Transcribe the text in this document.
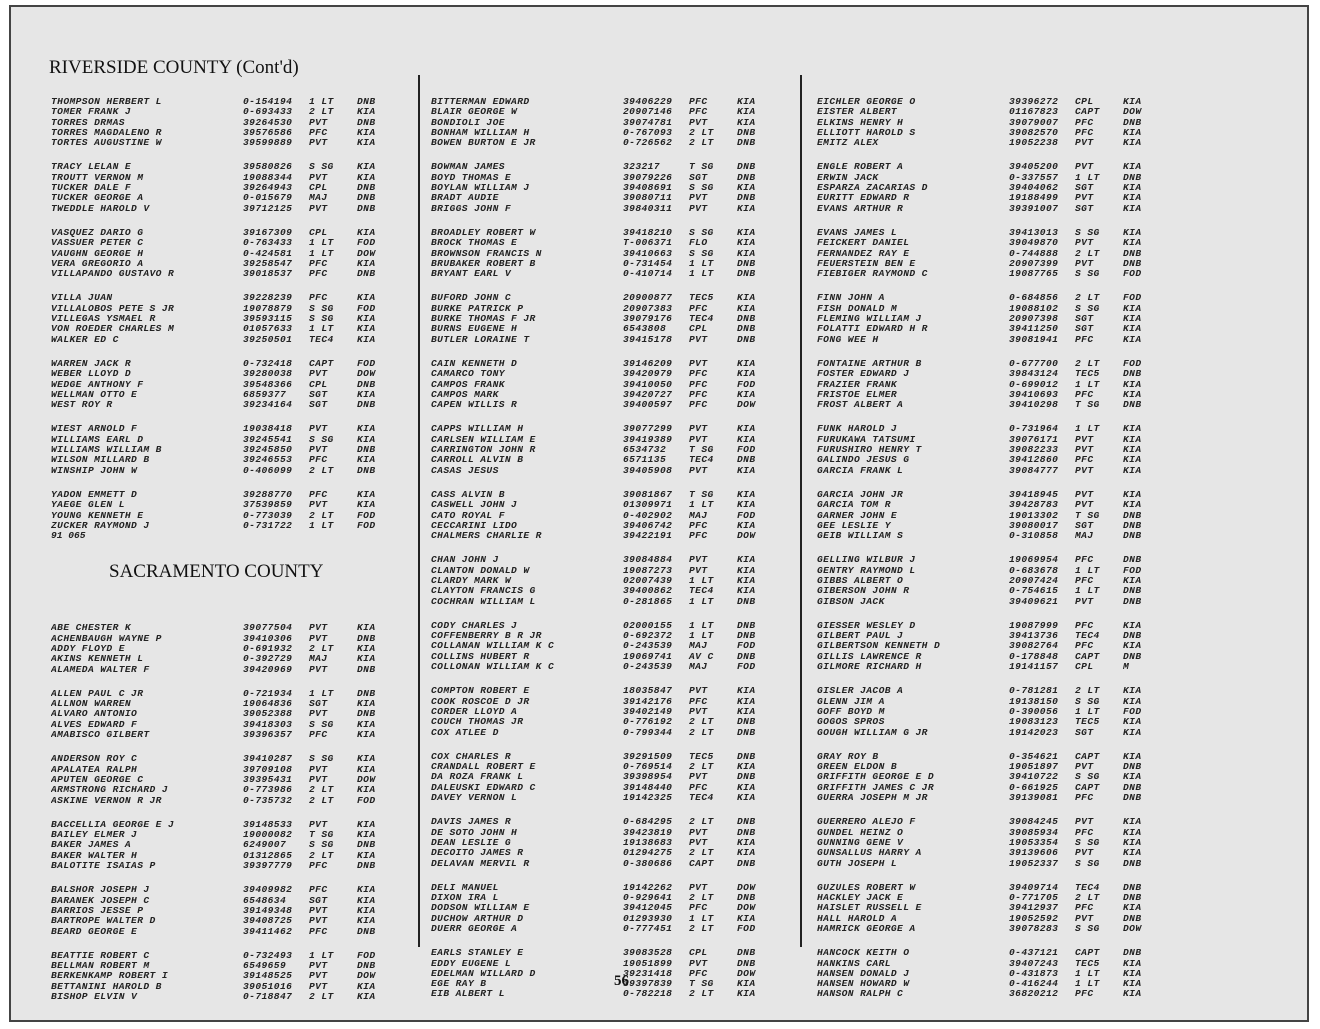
RIVERSIDE COUNTY (Cont'd)
THOMPSON HERBERT L	0-154194	1 LT	DNB
TOMER FRANK J	0-693433	2 LT	KIA
TORRES DRMAS	39264530	PVT	DNB
TORRES MAGDALENO R	39576586	PFC	KIA
TORTES AUGUSTINE W	39599889	PVT	KIA
TRACY LELAN E	39580826	S SG	KIA
TROUTT VERNON M	19088344	PVT	KIA
TUCKER DALE F	39264943	CPL	DNB
TUCKER GEORGE A	0-015679	MAJ	DNB
TWEDDLE HAROLD V	39712125	PVT	DNB
VASQUEZ DARIO G	39167309	CPL	KIA
VASSUER PETER C	0-763433	1 LT	FOD
VAUGHN GEORGE H	0-424581	1 LT	DOW
VERA GREGORIO A	39258547	PFC	KIA
VILLAPANDO GUSTAVO R	39018537	PFC	DNB
VILLA JUAN	39228239	PFC	KIA
VILLALOBOS PETE S JR	19078879	S SG	FOD
VILLEGAS YSMAEL R	39593115	S SG	KIA
VON ROEDER CHARLES M	01057633	1 LT	KIA
WALKER ED C	39250501	TEC4	KIA
WARREN JACK R	0-732418	CAPT	FOD
WEBER LLOYD D	39280038	PVT	DOW
WEDGE ANTHONY F	39548366	CPL	DNB
WELLMAN OTTO E	6859377	SGT	KIA
WEST ROY R	39234164	SGT	DNB
WIEST ARNOLD F	19038418	PVT	KIA
WILLIAMS EARL D	39245541	S SG	KIA
WILLIAMS WILLIAM B	39245850	PVT	DNB
WILSON MILLARD B	39246553	PFC	KIA
WINSHIP JOHN W	0-406099	2 LT	DNB
YADON EMMETT D	39288770	PFC	KIA
YAEGE GLEN L	37539859	PVT	KIA
YOUNG KENNETH E	0-773039	2 LT	FOD
ZUCKER RAYMOND J	0-731722	1 LT	FOD
91 065
SACRAMENTO COUNTY
ABE CHESTER K	39077504	PVT	KIA
ACHENBAUGH WAYNE P	39410306	PVT	DNB
ADDY FLOYD E	0-691932	2 LT	KIA
AKINS KENNETH L	0-392729	MAJ	KIA
ALAMEDA WALTER F	39420969	PVT	DNB
ALLEN PAUL C JR	0-721934	1 LT	DNB
ALLNON WARREN	19064836	SGT	KIA
ALVARO ANTONIO	39052388	PVT	DNB
ALVES EDWARD F	39418303	S SG	KIA
AMABISCO GILBERT	39396357	PFC	KIA
ANDERSON ROY C	39410287	S SG	KIA
APALATEA RALPH	39709108	PVT	KIA
APUTEN GEORGE C	39395431	PVT	DOW
ARMSTRONG RICHARD J	0-773986	2 LT	KIA
ASKINE VERNON R JR	0-735732	2 LT	FOD
BACCELLIA GEORGE E J	39148533	PVT	KIA
BAILEY ELMER J	19000082	T SG	KIA
BAKER JAMES A	6249007	S SG	DNB
BAKER WALTER H	01312865	2 LT	KIA
BALOTITE ISAIAS P	39397779	PFC	DNB
BALSHOR JOSEPH J	39409982	PFC	KIA
BARANEK JOSEPH C	6548634	SGT	KIA
BARRIOS JESSE P	39149348	PVT	KIA
BARTROPE WALTER D	39408725	PVT	KIA
BEARD GEORGE E	39411462	PFC	DNB
BEATTIE ROBERT C	0-732493	1 LT	FOD
BELLMAN ROBERT M	6549659	PVT	DNB
BERKENKAMP ROBERT I	39148525	PVT	DOW
BETTANINI HAROLD B	39051016	PVT	KIA
BISHOP ELVIN V	0-718847	2 LT	KIA
BITTERMAN EDWARD	39406229	PFC	KIA
BLAIR GEORGE W	20907146	PFC	KIA
BONDIOLI JOE	39074781	PVT	KIA
BONHAM WILLIAM H	0-767093	2 LT	DNB
BOWEN BURTON E JR	0-726562	2 LT	DNB
BOWMAN JAMES	323217	T SG	DNB
BOYD THOMAS E	39079226	SGT	DNB
BOYLAN WILLIAM J	39408691	S SG	KIA
BRADT AUDIE	39080711	PVT	DNB
BRIGGS JOHN F	39840311	PVT	KIA
BROADLEY ROBERT W	39418210	S SG	KIA
BROCK THOMAS E	T-006371	FLO	KIA
BROWNSON FRANCIS N	39410663	S SG	KIA
BRUBAKER ROBERT B	0-731454	1 LT	DNB
BRYANT EARL V	0-410714	1 LT	DNB
BUFORD JOHN C	20900877	TEC5	KIA
BURKE PATRICK P	20907383	PFC	KIA
BURKE THOMAS F JR	39079176	TEC4	DNB
BURNS EUGENE H	6543808	CPL	DNB
BUTLER LORAINE T	39415178	PVT	DNB
CAIN KENNETH D	39146209	PVT	KIA
CAMARCO TONY	39420979	PFC	KIA
CAMPOS FRANK	39410050	PFC	FOD
CAMPOS MARK	39420727	PFC	KIA
CAPEN WILLIS R	39400597	PFC	DOW
CAPPS WILLIAM H	39077299	PVT	KIA
CARLSEN WILLIAM E	39419389	PVT	KIA
CARRINGTON JOHN R	6534732	T SG	FOD
CARROLL ALVIN B	6571135	TEC4	DNB
CASAS JESUS	39405908	PVT	KIA
CASS ALVIN B	39081867	T SG	KIA
CASWELL JOHN J	01309971	1 LT	KIA
CATO ROYAL F	0-402902	MAJ	FOD
CECCARINI LIDO	39406742	PFC	KIA
CHALMERS CHARLIE R	39422191	PFC	DOW
CHAN JOHN J	39084884	PVT	KIA
CLANTON DONALD W	19087273	PVT	KIA
CLARDY MARK W	02007439	1 LT	KIA
CLAYTON FRANCIS G	39400862	TEC4	KIA
COCHRAN WILLIAM L	0-281865	1 LT	DNB
CODY CHARLES J	02000155	1 LT	DNB
COFFENBERRY B R JR	0-692372	1 LT	DNB
COLLANAN WILLIAM K C	0-243539	MAJ	FOD
COLLINS HUBERT R	19069741	AV C	DNB
COLLONAN WILLIAM K C	0-243539	MAJ	FOD
COMPTON ROBERT E	18035847	PVT	KIA
COOK ROSCOE D JR	39142176	PFC	KIA
CORDER LLOYD A	39402149	PVT	KIA
COUCH THOMAS JR	0-776192	2 LT	DNB
COX ATLEE D	0-799344	2 LT	DNB
COX CHARLES R	39291509	TEC5	DNB
CRANDALL ROBERT E	0-769514	2 LT	KIA
DA ROZA FRANK L	39398954	PVT	DNB
DALEUSKI EDWARD C	39148440	PFC	KIA
DAVEY VERNON L	19142325	TEC4	KIA
DAVIS JAMES R	0-684295	2 LT	DNB
DE SOTO JOHN H	39423819	PVT	DNB
DEAN LESLIE G	19138683	PVT	KIA
DECOITO JAMES R	01294275	2 LT	KIA
DELAVAN MERVIL R	0-380686	CAPT	DNB
DELI MANUEL	19142262	PVT	DOW
DIXON IRA L	0-929641	2 LT	DNB
DODSON WILLIAM E	39412045	PFC	DOW
DUCHOW ARTHUR D	01293930	1 LT	KIA
DUERR GEORGE A	0-777451	2 LT	FOD
EARLS STANLEY E	39083528	CPL	DNB
EDDY EUGENE L	19051899	PVT	DNB
EDELMAN WILLARD D	39231418	PFC	DOW
EGE RAY B	39397839	T SG	KIA
EIB ALBERT L	0-782218	2 LT	KIA
EICHLER GEORGE O	39396272	CPL	KIA
EISTER ALBERT	01167823	CAPT	DOW
ELKINS HENRY H	39079007	PFC	DNB
ELLIOTT HAROLD S	39082570	PFC	KIA
EMITZ ALEX	19052238	PVT	KIA
ENGLE ROBERT A	39405200	PVT	KIA
ERWIN JACK	0-337557	1 LT	DNB
ESPARZA ZACARIAS D	39404062	SGT	KIA
EURITT EDWARD R	19188499	PVT	KIA
EVANS ARTHUR R	39391007	SGT	KIA
EVANS JAMES L	39413013	S SG	KIA
FEICKERT DANIEL	39049870	PVT	KIA
FERNANDEZ RAY E	0-744888	2 LT	DNB
FEUERSTEIN BEN E	20907399	PVT	DNB
FIEBIGER RAYMOND C	19087765	S SG	FOD
FINN JOHN A	0-684856	2 LT	FOD
FISH DONALD M	19088102	S SG	KIA
FLEMING WILLIAM J	20907398	SGT	KIA
FOLATTI EDWARD H R	39411250	SGT	KIA
FONG WEE H	39081941	PFC	KIA
FONTAINE ARTHUR B	0-677700	2 LT	FOD
FOSTER EDWARD J	39843124	TEC5	DNB
FRAZIER FRANK	0-699012	1 LT	KIA
FRISTOE ELMER	39410693	PFC	KIA
FROST ALBERT A	39410298	T SG	DNB
FUNK HAROLD J	0-731964	1 LT	KIA
FURUKAWA TATSUMI	39076171	PVT	KIA
FURUSHIRO HENRY T	39082233	PVT	KIA
GALINDO JESUS G	39412860	PFC	KIA
GARCIA FRANK L	39084777	PVT	KIA
GARCIA JOHN JR	39418945	PVT	KIA
GARCIA TOM R	39428783	PVT	KIA
GARNER JOHN E	19013302	T SG	DNB
GEE LESLIE Y	39080017	SGT	DNB
GEIB WILLIAM S	0-310858	MAJ	DNB
GELLING WILBUR J	19069954	PFC	DNB
GENTRY RAYMOND L	0-683678	1 LT	FOD
GIBBS ALBERT O	20907424	PFC	KIA
GIBERSON JOHN R	0-754615	1 LT	DNB
GIBSON JACK	39409621	PVT	DNB
GIESSER WESLEY D	19087999	PFC	KIA
GILBERT PAUL J	39413736	TEC4	DNB
GILBERTSON KENNETH D	39082764	PFC	KIA
GILLIS LAWRENCE R	0-178848	CAPT	DNB
GILMORE RICHARD H	19141157	CPL	M
GISLER JACOB A	0-781281	2 LT	KIA
GLENN JIM A	19138150	S SG	KIA
GOFF BOYD M	0-390056	1 LT	FOD
GOGOS SPROS	19083123	TEC5	KIA
GOUGH WILLIAM G JR	19142023	SGT	KIA
GRAY ROY B	0-354621	CAPT	KIA
GREEN ELDON B	19051897	PVT	DNB
GRIFFITH GEORGE E D	39410722	S SG	KIA
GRIFFITH JAMES C JR	0-661925	CAPT	DNB
GUERRA JOSEPH M JR	39139081	PFC	DNB
GUERRERO ALEJO F	39084245	PVT	KIA
GUNDEL HEINZ O	39085934	PFC	KIA
GUNNING GENE V	19053354	S SG	KIA
GUNSALLUS HARRY A	39139606	PVT	KIA
GUTH JOSEPH L	19052337	S SG	DNB
GUZULES ROBERT W	39409714	TEC4	DNB
HACKLEY JACK E	0-771705	2 LT	DNB
HAISLET RUSSELL E	39412937	PFC	KIA
HALL HAROLD A	19052592	PVT	DNB
HAMRICK GEORGE A	39078283	S SG	DOW
HANCOCK KEITH O	0-437121	CAPT	DNB
HANKINS CARL	39407243	TEC5	KIA
HANSEN DONALD J	0-431873	1 LT	KIA
HANSEN HOWARD W	0-416244	1 LT	KIA
HANSON RALPH C	36820212	PFC	KIA
56
